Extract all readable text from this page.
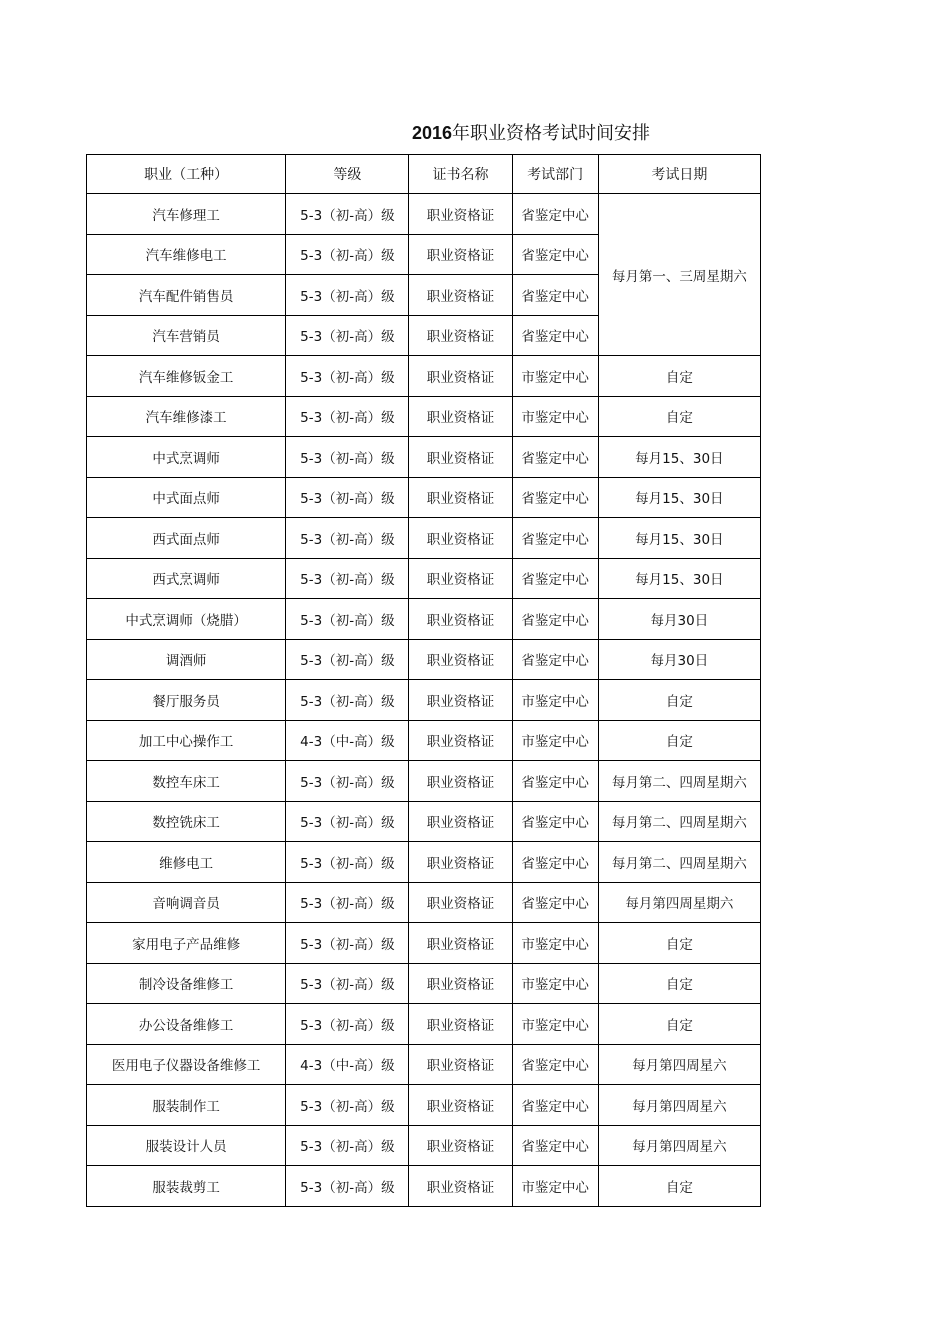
2016年职业资格考试时间安排
职业（工种）	等级	证书名称	考试部门	考试日期
汽车修理工	5-3（初-高）级	职业资格证	省鉴定中心	每月第一、三周星期六
汽车维修电工	5-3（初-高）级	职业资格证	省鉴定中心	
汽车配件销售员	5-3（初-高）级	职业资格证	省鉴定中心	
汽车营销员	5-3（初-高）级	职业资格证	省鉴定中心	
汽车维修钣金工	5-3（初-高）级	职业资格证	市鉴定中心	自定
汽车维修漆工	5-3（初-高）级	职业资格证	市鉴定中心	自定
中式烹调师	5-3（初-高）级	职业资格证	省鉴定中心	每月15、30日
中式面点师	5-3（初-高）级	职业资格证	省鉴定中心	每月15、30日
西式面点师	5-3（初-高）级	职业资格证	省鉴定中心	每月15、30日
西式烹调师	5-3（初-高）级	职业资格证	省鉴定中心	每月15、30日
中式烹调师（烧腊）	5-3（初-高）级	职业资格证	省鉴定中心	每月30日
调酒师	5-3（初-高）级	职业资格证	省鉴定中心	每月30日
餐厅服务员	5-3（初-高）级	职业资格证	市鉴定中心	自定
加工中心操作工	4-3（中-高）级	职业资格证	市鉴定中心	自定
数控车床工	5-3（初-高）级	职业资格证	省鉴定中心	每月第二、四周星期六
数控铣床工	5-3（初-高）级	职业资格证	省鉴定中心	每月第二、四周星期六
维修电工	5-3（初-高）级	职业资格证	省鉴定中心	每月第二、四周星期六
音响调音员	5-3（初-高）级	职业资格证	省鉴定中心	每月第四周星期六
家用电子产品维修	5-3（初-高）级	职业资格证	市鉴定中心	自定
制冷设备维修工	5-3（初-高）级	职业资格证	市鉴定中心	自定
办公设备维修工	5-3（初-高）级	职业资格证	市鉴定中心	自定
医用电子仪器设备维修工	4-3（中-高）级	职业资格证	省鉴定中心	每月第四周星六
服装制作工	5-3（初-高）级	职业资格证	省鉴定中心	每月第四周星六
服装设计人员	5-3（初-高）级	职业资格证	省鉴定中心	每月第四周星六
服装裁剪工	5-3（初-高）级	职业资格证	市鉴定中心	自定
